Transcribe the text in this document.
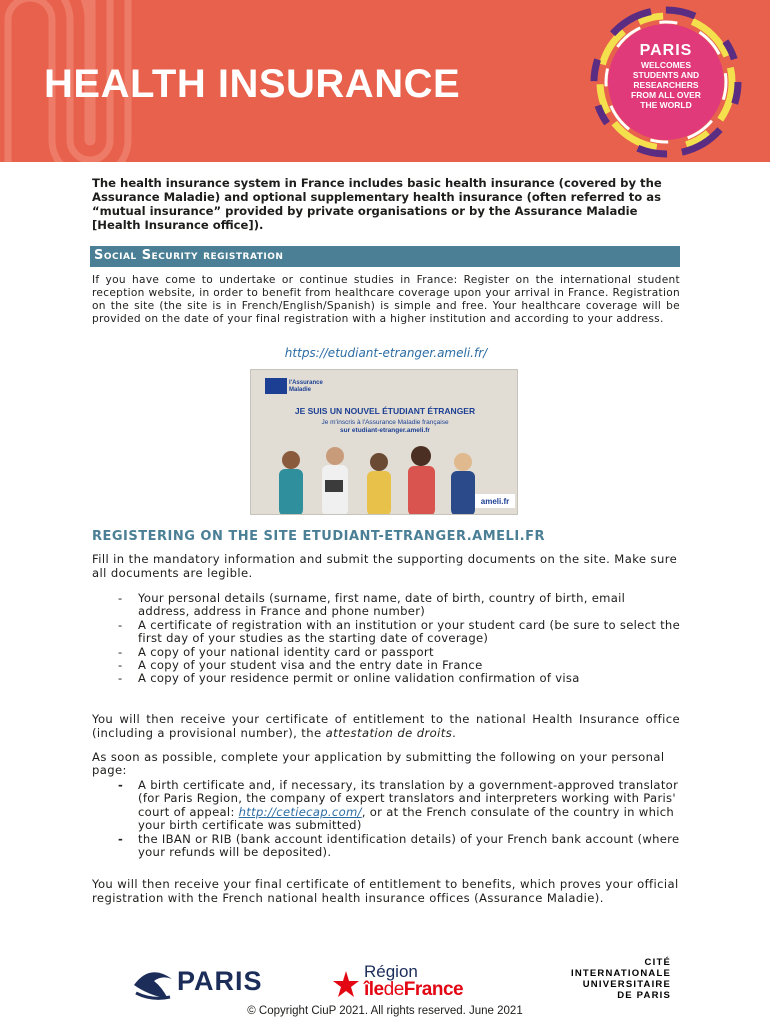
HEALTH INSURANCE
PARIS
WELCOMES
STUDENTS AND
RESEARCHERS
FROM ALL OVER
THE WORLD

The health insurance system in France includes basic health insurance (covered by the Assurance Maladie) and optional supplementary health insurance (often referred to as “mutual insurance” provided by private organisations or by the Assurance Maladie [Health Insurance office]).

Social Security registration

If you have come to undertake or continue studies in France: Register on the international student reception website, in order to benefit from healthcare coverage upon your arrival in France. Registration on the site (the site is in French/English/Spanish) is simple and free. Your healthcare coverage will be provided on the date of your final registration with a higher institution and according to your address.

https://etudiant-etranger.ameli.fr/
l'Assurance
Maladie
JE SUIS UN NOUVEL ÉTUDIANT ÉTRANGER
Je m'inscris à l'Assurance Maladie française
sur etudiant-etranger.ameli.fr
ameli.fr
REGISTERING ON THE SITE ETUDIANT-ETRANGER.AMELI.FR

Fill in the mandatory information and submit the supporting documents on the site. Make sure all documents are legible.

- Your personal details (surname, first name, date of birth, country of birth, email address, address in France and phone number)
- A certificate of registration with an institution or your student card (be sure to select the first day of your studies as the starting date of coverage)
- A copy of your national identity card or passport
- A copy of your student visa and the entry date in France
- A copy of your residence permit or online validation confirmation of visa

You will then receive your certificate of entitlement to the national Health Insurance office (including a provisional number), the attestation de droits.

As soon as possible, complete your application by submitting the following on your personal page:

- A birth certificate and, if necessary, its translation by a government-approved translator (for Paris Region, the company of expert translators and interpreters working with Paris' court of appeal: http://cetiecap.com/, or at the French consulate of the country in which your birth certificate was submitted)
- the IBAN or RIB (bank account identification details) of your French bank account (where your refunds will be deposited).

You will then receive your final certificate of entitlement to benefits, which proves your official registration with the French national health insurance offices (Assurance Maladie).

PARIS	Région
îledeFrance
CITÉ
INTERNATIONALE
UNIVERSITAIRE
DE PARIS
© Copyright CiuP 2021. All rights reserved. June 2021
